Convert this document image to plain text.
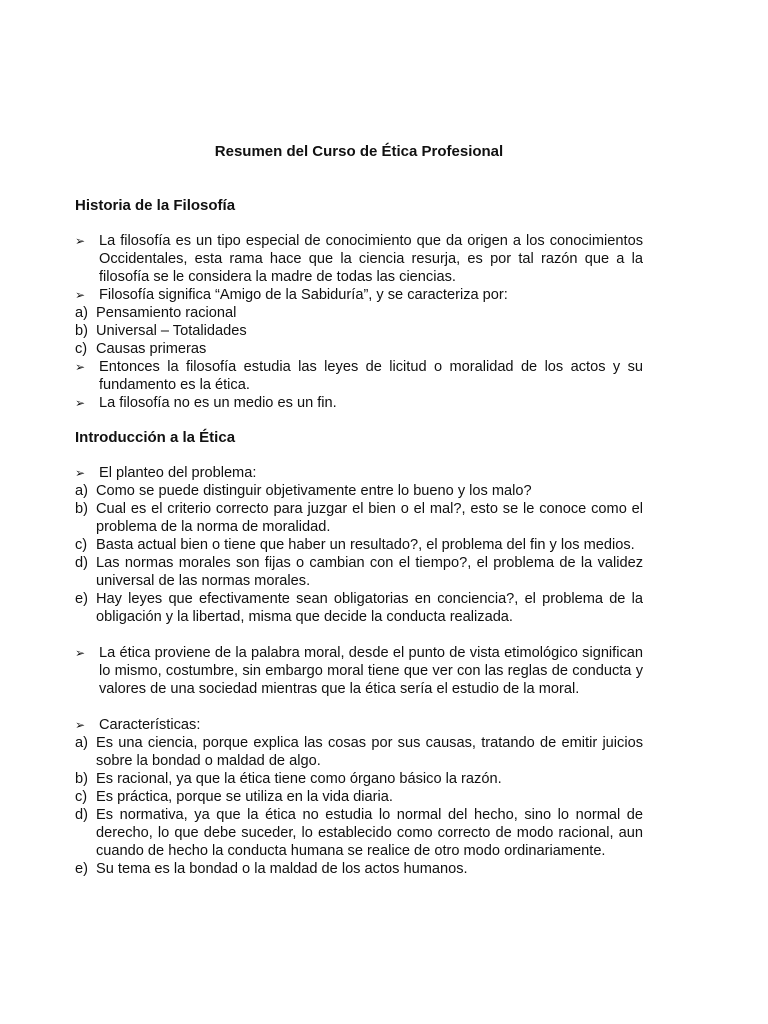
Resumen del Curso de Ética Profesional
Historia de la Filosofía
➢ La filosofía es un tipo especial de conocimiento que da origen a los conocimientos Occidentales, esta rama hace que la ciencia resurja, es por tal razón que a la filosofía se le considera la madre de todas las ciencias.
➢ Filosofía significa “Amigo de la Sabiduría”, y se caracteriza por:
a) Pensamiento racional
b) Universal – Totalidades
c) Causas primeras
➢ Entonces la filosofía estudia las leyes de licitud o moralidad de los actos y su fundamento es la ética.
➢ La filosofía no es un medio es un fin.
Introducción a la Ética
➢ El planteo del problema:
a) Como se puede distinguir objetivamente entre lo bueno y los malo?
b) Cual es el criterio correcto para juzgar el bien o el mal?, esto se le conoce como el problema de la norma de moralidad.
c) Basta actual bien o tiene que haber un resultado?, el problema del fin y los medios.
d) Las normas morales son fijas o cambian con el tiempo?, el problema de la validez universal de las normas morales.
e) Hay leyes que efectivamente sean obligatorias en conciencia?, el problema de la obligación y la libertad, misma que decide la conducta realizada.
➢ La ética proviene de la palabra moral, desde el punto de vista etimológico significan lo mismo, costumbre, sin embargo moral tiene que ver con las reglas de conducta y valores de una sociedad mientras que la ética sería el estudio de la moral.
➢ Características:
a) Es una ciencia, porque explica las cosas por sus causas, tratando de emitir juicios sobre la bondad o maldad de algo.
b) Es racional, ya que la ética tiene como órgano básico la razón.
c) Es práctica, porque se utiliza en la vida diaria.
d) Es normativa, ya que la ética no estudia lo normal del hecho, sino lo normal de derecho, lo que debe suceder, lo establecido como correcto de modo racional, aun cuando de hecho la conducta humana se realice de otro modo ordinariamente.
e) Su tema es la bondad o la maldad de los actos humanos.
